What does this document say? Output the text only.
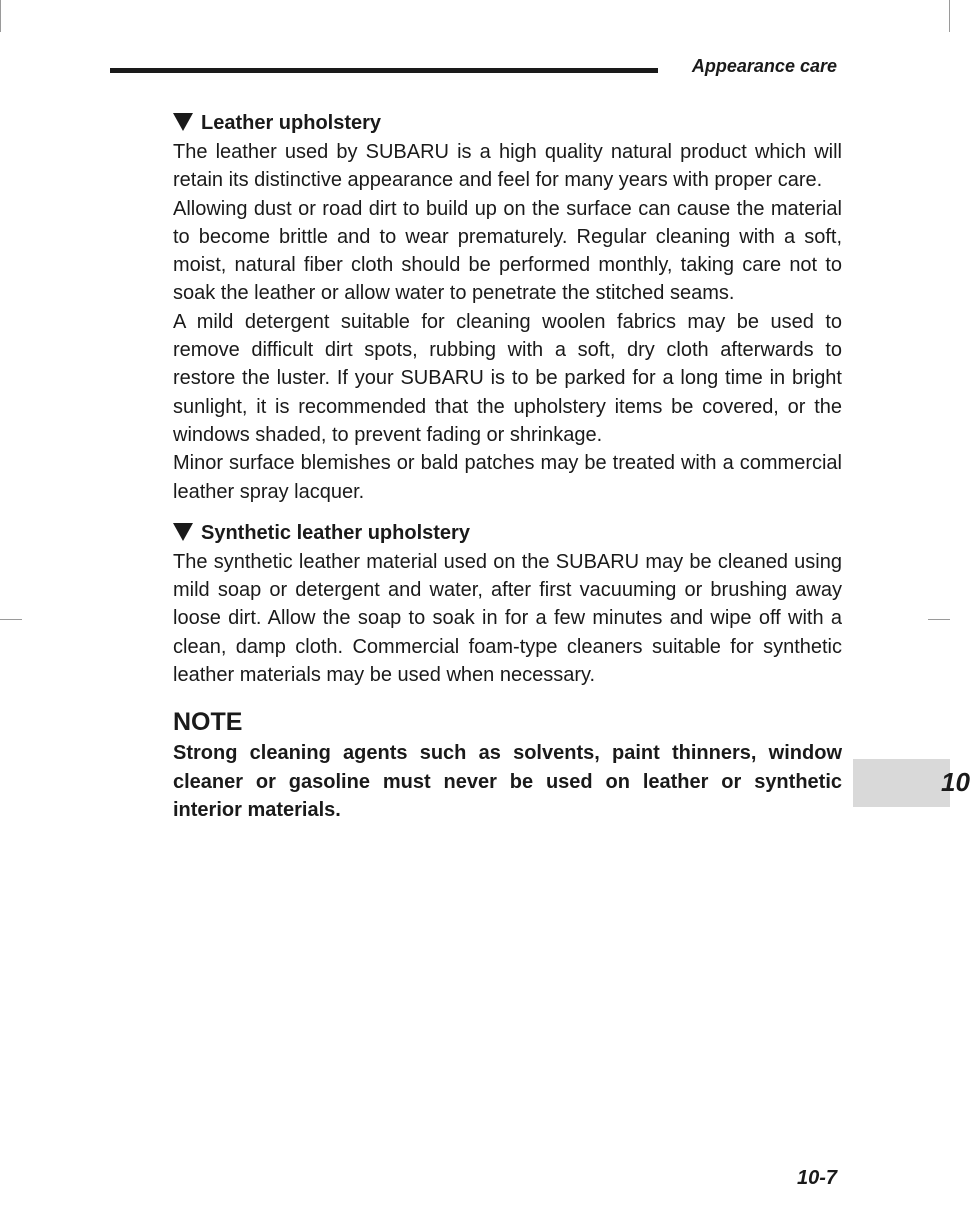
Appearance care
Leather upholstery

The leather used by SUBARU is a high quality natural product which will retain its distinctive appearance and feel for many years with proper care.

Allowing dust or road dirt to build up on the surface can cause the material to become brittle and to wear prematurely. Regular cleaning with a soft, moist, natural fiber cloth should be performed monthly, taking care not to soak the leather or allow water to penetrate the stitched seams.

A mild detergent suitable for cleaning woolen fabrics may be used to remove difficult dirt spots, rubbing with a soft, dry cloth afterwards to restore the luster. If your SUBARU is to be parked for a long time in bright sunlight, it is recommended that the upholstery items be covered, or the windows shaded, to prevent fading or shrinkage.

Minor surface blemishes or bald patches may be treated with a commercial leather spray lacquer.

Synthetic leather upholstery

The synthetic leather material used on the SUBARU may be cleaned using mild soap or detergent and water, after first vacuuming or brushing away loose dirt. Allow the soap to soak in for a few minutes and wipe off with a clean, damp cloth. Commercial foam-type cleaners suitable for synthetic leather materials may be used when necessary.

NOTE

Strong cleaning agents such as solvents, paint thinners, window cleaner or gasoline must never be used on leather or synthetic interior materials.

10
10-7
